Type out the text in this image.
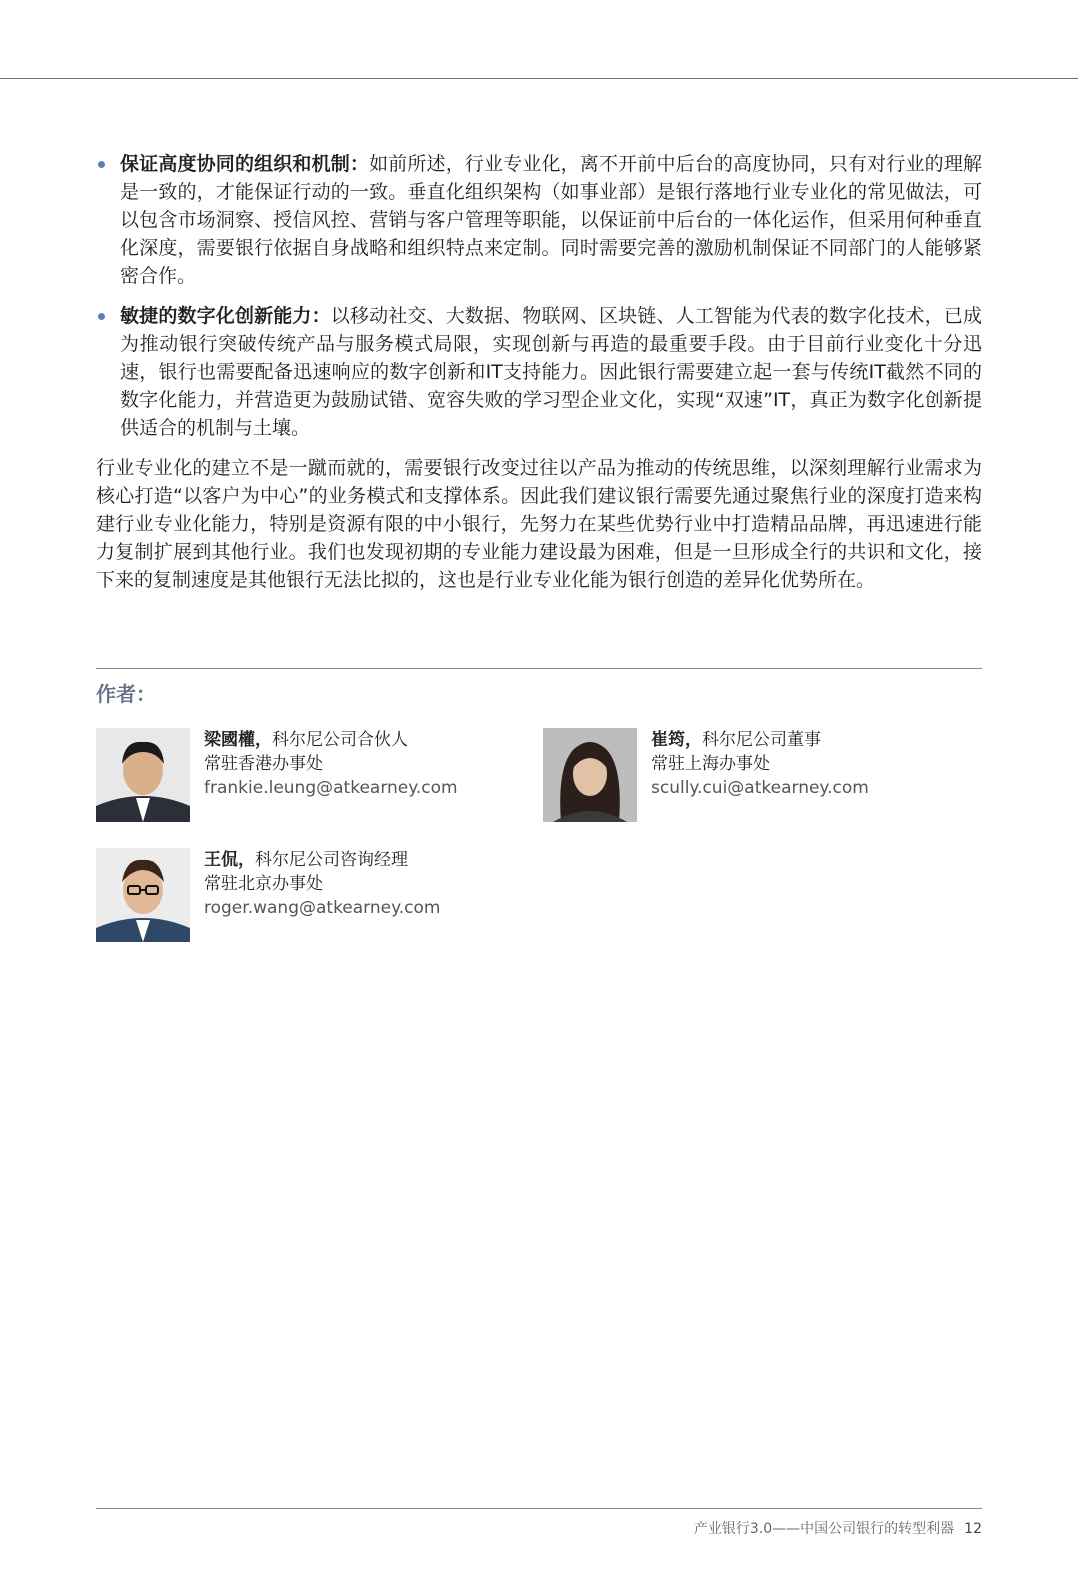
保证高度协同的组织和机制：如前所述，行业专业化，离不开前中后台的高度协同，只有对行业的理解是一致的，才能保证行动的一致。垂直化组织架构（如事业部）是银行落地行业专业化的常见做法，可以包含市场洞察、授信风控、营销与客户管理等职能，以保证前中后台的一体化运作，但采用何种垂直化深度，需要银行依据自身战略和组织特点来定制。同时需要完善的激励机制保证不同部门的人能够紧密合作。
敏捷的数字化创新能力：以移动社交、大数据、物联网、区块链、人工智能为代表的数字化技术，已成为推动银行突破传统产品与服务模式局限，实现创新与再造的最重要手段。由于目前行业变化十分迅速，银行也需要配备迅速响应的数字创新和IT支持能力。因此银行需要建立起一套与传统IT截然不同的数字化能力，并营造更为鼓励试错、宽容失败的学习型企业文化，实现“双速”IT，真正为数字化创新提供适合的机制与土壤。

行业专业化的建立不是一蹴而就的，需要银行改变过往以产品为推动的传统思维，以深刻理解行业需求为核心打造“以客户为中心”的业务模式和支撑体系。因此我们建议银行需要先通过聚焦行业的深度打造来构建行业专业化能力，特别是资源有限的中小银行，先努力在某些优势行业中打造精品品牌，再迅速进行能力复制扩展到其他行业。我们也发现初期的专业能力建设最为困难，但是一旦形成全行的共识和文化，接下来的复制速度是其他银行无法比拟的，这也是行业专业化能为银行创造的差异化优势所在。

作者：
梁國權，科尔尼公司合伙人
常驻香港办事处
frankie.leung@atkearney.com
崔筠，科尔尼公司董事
常驻上海办事处
scully.cui@atkearney.com
王侃，科尔尼公司咨询经理
常驻北京办事处
roger.wang@atkearney.com
产业银行3.0——中国公司银行的转型利器 12
